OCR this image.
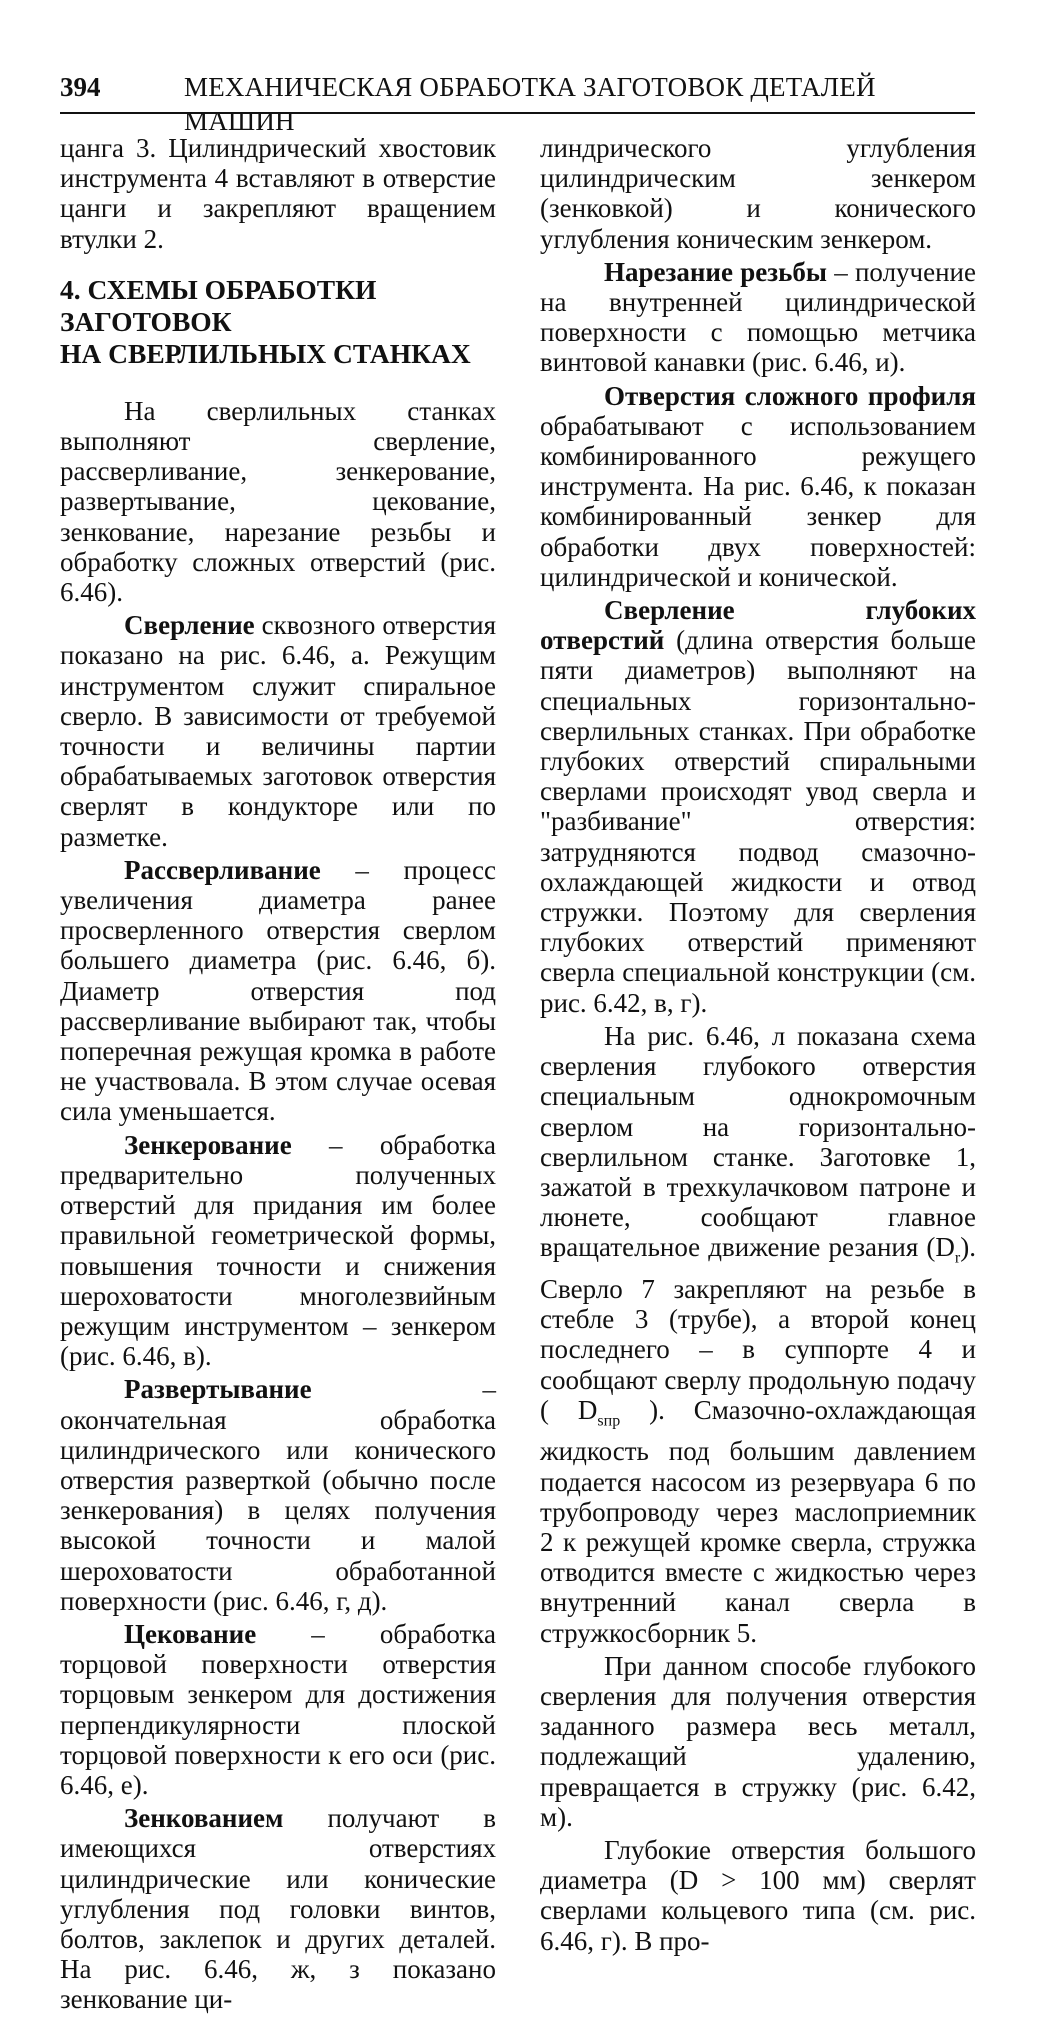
394	МЕХАНИЧЕСКАЯ ОБРАБОТКА ЗАГОТОВОК ДЕТАЛЕЙ МАШИН

цанга 3. Цилиндрический хвостовик инструмента 4 вставляют в отверстие цанги и закрепляют вращением втулки 2.

4. СХЕМЫ ОБРАБОТКИ ЗАГОТОВОК
НА СВЕРЛИЛЬНЫХ СТАНКАХ

На сверлильных станках выполняют сверление, рассверливание, зенкерование, развертывание, цекование, зенкование, нарезание резьбы и обработку сложных отверстий (рис. 6.46).

Сверление сквозного отверстия показано на рис. 6.46, а. Режущим инструментом служит спиральное сверло. В зависимости от требуемой точности и величины партии обрабатываемых заготовок отверстия сверлят в кондукторе или по разметке.

Рассверливание – процесс увеличения диаметра ранее просверленного отверстия сверлом большего диаметра (рис. 6.46, б). Диаметр отверстия под рассверливание выбирают так, чтобы поперечная режущая кромка в работе не участвовала. В этом случае осевая сила уменьшается.

Зенкерование – обработка предварительно полученных отверстий для придания им более правильной геометрической формы, повышения точности и снижения шероховатости многолезвийным режущим инструментом – зенкером (рис. 6.46, в).

Развертывание – окончательная обработка цилиндрического или конического отверстия разверткой (обычно после зенкерования) в целях получения высокой точности и малой шероховатости обработанной поверхности (рис. 6.46, г, д).

Цекование – обработка торцовой поверхности отверстия торцовым зенкером для достижения перпендикулярности плоской торцовой поверхности к его оси (рис. 6.46, е).

Зенкованием получают в имеющихся отверстиях цилиндрические или конические углубления под головки винтов, болтов, заклепок и других деталей. На рис. 6.46, ж, з показано зенкование ци-

линдрического углубления цилиндрическим зенкером (зенковкой) и конического углубления коническим зенкером.

Нарезание резьбы – получение на внутренней цилиндрической поверхности с помощью метчика винтовой канавки (рис. 6.46, и).

Отверстия сложного профиля обрабатывают с использованием комбинированного режущего инструмента. На рис. 6.46, к показан комбинированный зенкер для обработки двух поверхностей: цилиндрической и конической.

Сверление глубоких отверстий (длина отверстия больше пяти диаметров) выполняют на специальных горизонтально-сверлильных станках. При обработке глубоких отверстий спиральными сверлами происходят увод сверла и "разбивание" отверстия: затрудняются подвод смазочно-охлаждающей жидкости и отвод стружки. Поэтому для сверления глубоких отверстий применяют сверла специальной конструкции (см. рис. 6.42, в, г).

На рис. 6.46, л показана схема сверления глубокого отверстия специальным однокромочным сверлом на горизонтально-сверлильном станке. Заготовке 1, зажатой в трехкулачковом патроне и люнете, сообщают главное вращательное движение резания $(D_r)$. Сверло 7 закрепляют на резьбе в стебле 3 (трубе), а второй конец последнего – в суппорте 4 и сообщают сверлу продольную подачу ( $D_{sпр}$ ). Смазочно-охлаждающая жидкость под большим давлением подается насосом из резервуара 6 по трубопроводу через маслоприемник 2 к режущей кромке сверла, стружка отводится вместе с жидкостью через внутренний канал сверла в стружкосборник 5.

При данном способе глубокого сверления для получения отверстия заданного размера весь металл, подлежащий удалению, превращается в стружку (рис. 6.42, м).

Глубокие отверстия большого диаметра (D > 100 мм) сверлят сверлами кольцевого типа (см. рис. 6.46, г). В про-
